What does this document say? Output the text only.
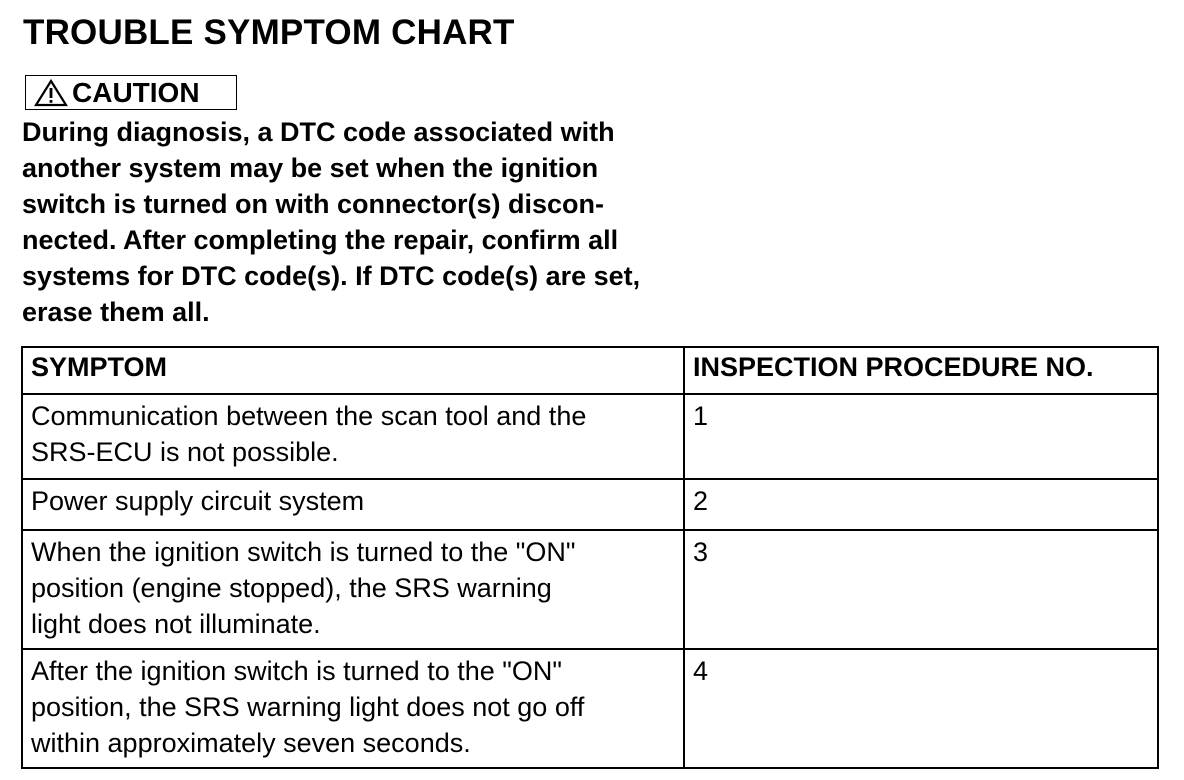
TROUBLE SYMPTOM CHART
CAUTION
During diagnosis, a DTC code associated with
another system may be set when the ignition
switch is turned on with connector(s) discon-
nected. After completing the repair, confirm all
systems for DTC code(s). If DTC code(s) are set,
erase them all.
SYMPTOM	INSPECTION PROCEDURE NO.

Communication between the scan tool and the
SRS-ECU is not possible.	1

Power supply circuit system	2

When the ignition switch is turned to the "ON"
position (engine stopped), the SRS warning
light does not illuminate.	3

After the ignition switch is turned to the "ON"
position, the SRS warning light does not go off
within approximately seven seconds.	4
